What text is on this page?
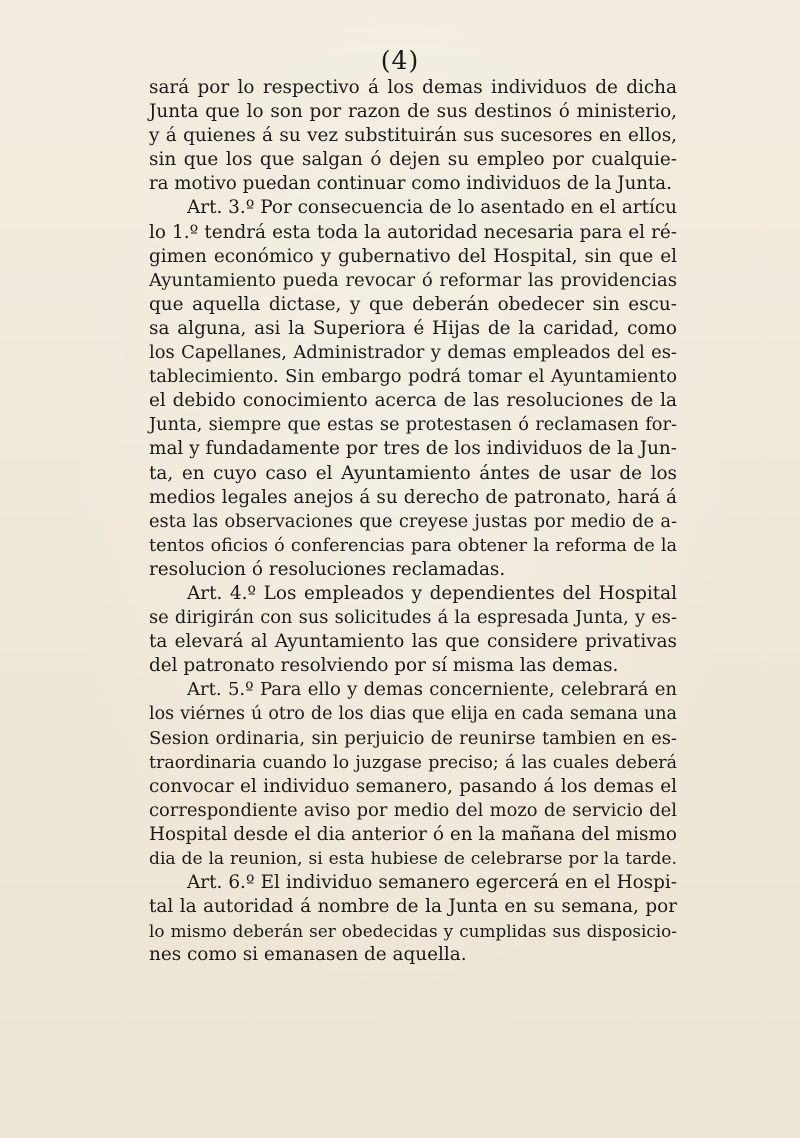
(4)
sará por lo respectivo á los demas individuos de dicha
Junta que lo son por razon de sus destinos ó ministerio,
y á quienes á su vez substituirán sus sucesores en ellos,
sin que los que salgan ó dejen su empleo por cualquie-
ra motivo puedan continuar como individuos de la Junta.
Art. 3.º Por consecuencia de lo asentado en el artícu
lo 1.º tendrá esta toda la autoridad necesaria para el ré-
gimen económico y gubernativo del Hospital, sin que el
Ayuntamiento pueda revocar ó reformar las providencias
que aquella dictase, y que deberán obedecer sin escu-
sa alguna, asi la Superiora é Hijas de la caridad, como
los Capellanes, Administrador y demas empleados del es-
tablecimiento. Sin embargo podrá tomar el Ayuntamiento
el debido conocimiento acerca de las resoluciones de la
Junta, siempre que estas se protestasen ó reclamasen for-
mal y fundadamente por tres de los individuos de la Jun-
ta, en cuyo caso el Ayuntamiento ántes de usar de los
medios legales anejos á su derecho de patronato, hará á
esta las observaciones que creyese justas por medio de a-
tentos oficios ó conferencias para obtener la reforma de la
resolucion ó resoluciones reclamadas.
Art. 4.º Los empleados y dependientes del Hospital
se dirigirán con sus solicitudes á la espresada Junta, y es-
ta elevará al Ayuntamiento las que considere privativas
del patronato resolviendo por sí misma las demas.
Art. 5.º Para ello y demas concerniente, celebrará en
los viérnes ú otro de los dias que elija en cada semana una
Sesion ordinaria, sin perjuicio de reunirse tambien en es-
traordinaria cuando lo juzgase preciso; á las cuales deberá
convocar el individuo semanero, pasando á los demas el
correspondiente aviso por medio del mozo de servicio del
Hospital desde el dia anterior ó en la mañana del mismo
dia de la reunion, si esta hubiese de celebrarse por la tarde.
Art. 6.º El individuo semanero egercerá en el Hospi-
tal la autoridad á nombre de la Junta en su semana, por
lo mismo deberán ser obedecidas y cumplidas sus disposicio-
nes como si emanasen de aquella.
